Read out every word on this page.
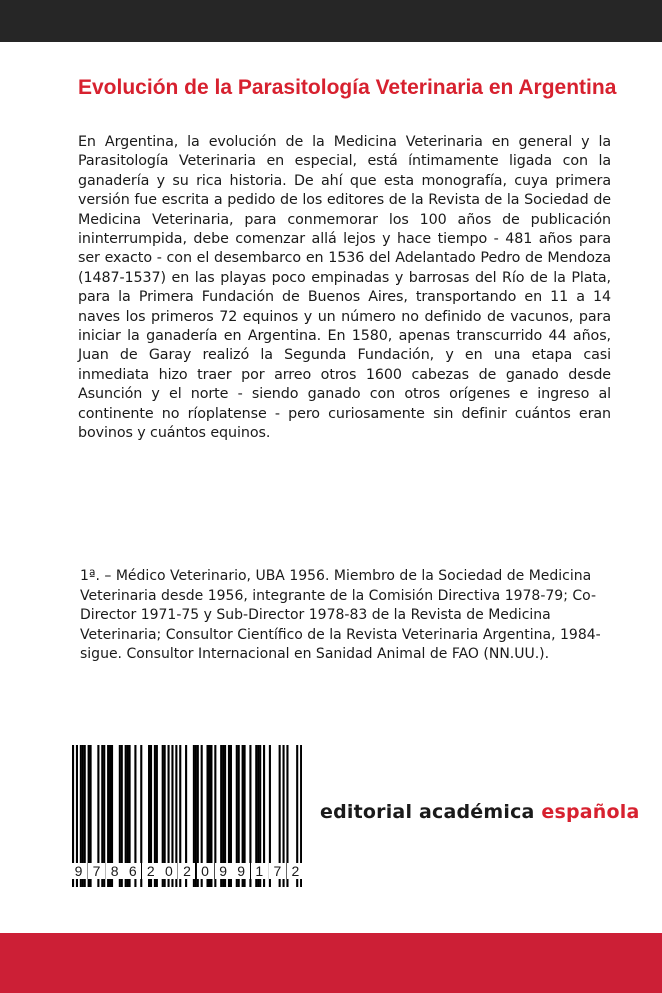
Evolución de la Parasitología Veterinaria en Argentina

En Argentina, la evolución de la Medicina Veterinaria en general y la Parasitología Veterinaria en especial, está íntimamente ligada con la ganadería y su rica historia. De ahí que esta monografía, cuya primera versión fue escrita a pedido de los editores de la Revista de la Sociedad de Medicina Veterinaria, para conmemorar los 100 años de publicación ininterrumpida, debe comenzar allá lejos y hace tiempo - 481 años para ser exacto - con el desembarco en 1536 del Adelantado Pedro de Mendoza (1487-1537) en las playas poco empinadas y barrosas del Río de la Plata, para la Primera Fundación de Buenos Aires, transportando en 11 a 14 naves los primeros 72 equinos y un número no definido de vacunos, para iniciar la ganadería en Argentina. En 1580, apenas transcurrido 44 años, Juan de Garay realizó la Segunda Fundación, y en una etapa casi inmediata hizo traer por arreo otros 1600 cabezas de ganado desde Asunción y el norte - siendo ganado con otros orígenes e ingreso al continente no ríoplatense - pero curiosamente sin definir cuántos eran bovinos y cuántos equinos.

1ª. – Médico Veterinario, UBA 1956. Miembro de la Sociedad de Medicina Veterinaria desde 1956, integrante de la Comisión Directiva 1978-79; Co-Director 1971-75 y Sub-Director 1978-83 de la Revista de Medicina Veterinaria; Consultor Científico de la Revista Veterinaria Argentina, 1984-sigue. Consultor Internacional en Sanidad Animal de FAO (NN.UU.).

9 7 8 6 2 0 2 0 9 9 1 7 2

editorial académica española
